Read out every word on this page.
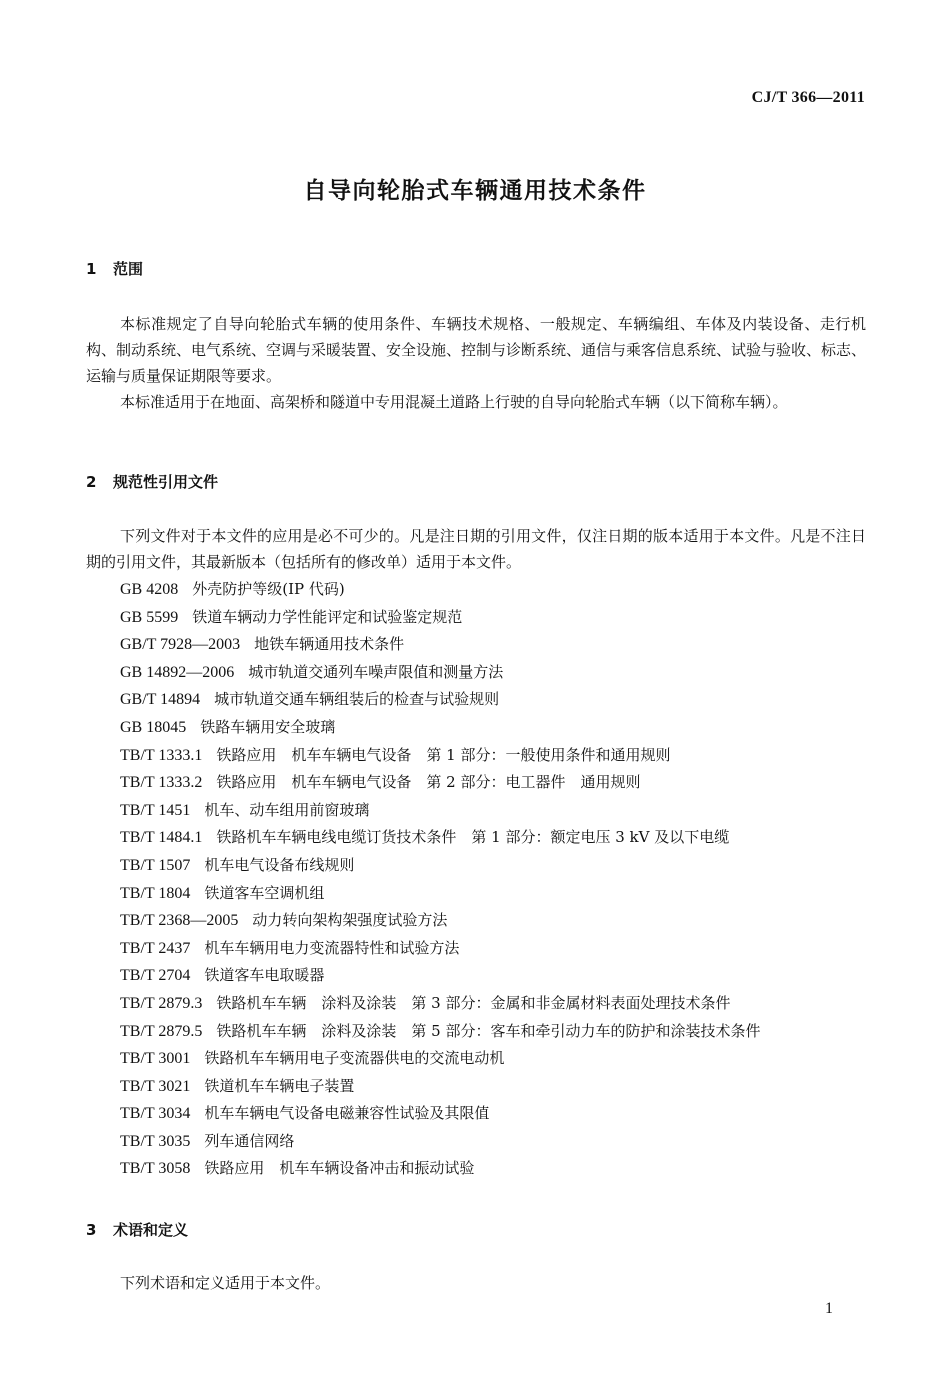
CJ/T 366—2011
自导向轮胎式车辆通用技术条件
1 范围

本标准规定了自导向轮胎式车辆的使用条件、车辆技术规格、一般规定、车辆编组、车体及内装设备、走行机构、制动系统、电气系统、空调与采暖装置、安全设施、控制与诊断系统、通信与乘客信息系统、试验与验收、标志、运输与质量保证期限等要求。

本标准适用于在地面、高架桥和隧道中专用混凝土道路上行驶的自导向轮胎式车辆（以下简称车辆）。

2 规范性引用文件

下列文件对于本文件的应用是必不可少的。凡是注日期的引用文件，仅注日期的版本适用于本文件。凡是不注日期的引用文件，其最新版本（包括所有的修改单）适用于本文件。

GB 4208 外壳防护等级(IP 代码)
GB 5599 铁道车辆动力学性能评定和试验鉴定规范
GB/T 7928—2003 地铁车辆通用技术条件
GB 14892—2006 城市轨道交通列车噪声限值和测量方法
GB/T 14894 城市轨道交通车辆组装后的检查与试验规则
GB 18045 铁路车辆用安全玻璃
TB/T 1333.1 铁路应用　机车车辆电气设备　第 1 部分：一般使用条件和通用规则
TB/T 1333.2 铁路应用　机车车辆电气设备　第 2 部分：电工器件　通用规则
TB/T 1451 机车、动车组用前窗玻璃
TB/T 1484.1 铁路机车车辆电线电缆订货技术条件　第 1 部分：额定电压 3 kV 及以下电缆
TB/T 1507 机车电气设备布线规则
TB/T 1804 铁道客车空调机组
TB/T 2368—2005 动力转向架构架强度试验方法
TB/T 2437 机车车辆用电力变流器特性和试验方法
TB/T 2704 铁道客车电取暖器
TB/T 2879.3 铁路机车车辆　涂料及涂装　第 3 部分：金属和非金属材料表面处理技术条件
TB/T 2879.5 铁路机车车辆　涂料及涂装　第 5 部分：客车和牵引动力车的防护和涂装技术条件
TB/T 3001 铁路机车车辆用电子变流器供电的交流电动机
TB/T 3021 铁道机车车辆电子装置
TB/T 3034 机车车辆电气设备电磁兼容性试验及其限值
TB/T 3035 列车通信网络
TB/T 3058 铁路应用　机车车辆设备冲击和振动试验
3 术语和定义

下列术语和定义适用于本文件。

1
